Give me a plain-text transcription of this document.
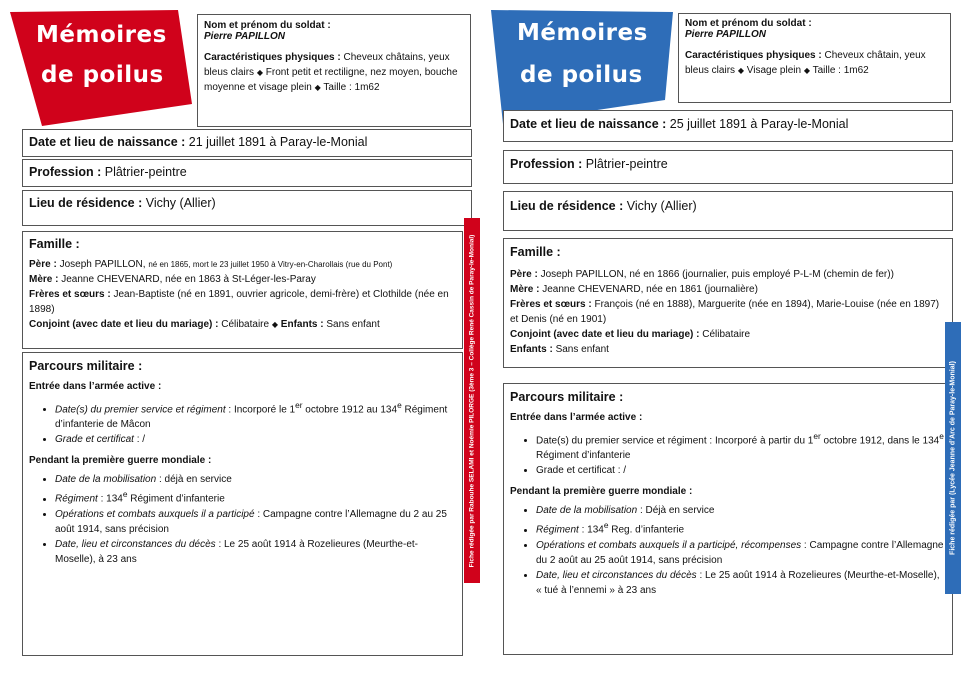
Mémoires
de poilus
Nom et prénom du soldat :
Pierre PAPILLON
Caractéristiques physiques : Cheveux châtains, yeux bleus clairs ◆ Front petit et rectiligne, nez moyen, bouche moyenne et visage plein ◆ Taille : 1m62
Date et lieu de naissance : 21 juillet 1891 à Paray-le-Monial
Profession : Plâtrier-peintre
Lieu de résidence : Vichy (Allier)
Famille :
Père : Joseph PAPILLON, né en 1865, mort le 23 juillet 1950 à Vitry-en-Charollais (rue du Pont)
Mère : Jeanne CHEVENARD, née en 1863 à St-Léger-les-Paray
Frères et sœurs : Jean-Baptiste (né en 1891, ouvrier agricole, demi-frère) et Clothilde (née en 1898)
Conjoint (avec date et lieu du mariage) : Célibataire ◆ Enfants : Sans enfant
Parcours militaire :
Entrée dans l’armée active :
• Date(s) du premier service et régiment : Incorporé le 1er octobre 1912 au 134e Régiment d’infanterie de Mâcon
• Grade et certificat : /
Pendant la première guerre mondiale :
• Date de la mobilisation : déjà en service
• Régiment : 134e Régiment d’infanterie
• Opérations et combats auxquels il a participé : Campagne contre l’Allemagne du 2 au 25 août 1914, sans précision
• Date, lieu et circonstances du décès : Le 25 août 1914 à Rozelieures (Meurthe-et-Moselle), à 23 ans	Fiche rédigée par Rabouhe SELAMI et Noémie PILORGE (3ème 3 – Collège René Cassin de Paray-le-Monial)
Mémoires
de poilus
Nom et prénom du soldat :
Pierre PAPILLON
Caractéristiques physiques : Cheveux châtain, yeux bleus clairs ◆ Visage plein ◆ Taille : 1m62
Date et lieu de naissance : 25 juillet 1891 à Paray-le-Monial
Profession : Plâtrier-peintre
Lieu de résidence : Vichy (Allier)
Famille :
Père : Joseph PAPILLON, né en 1866 (journalier, puis employé P-L-M (chemin de fer))
Mère : Jeanne CHEVENARD, née en 1861 (journalière)
Frères et sœurs : François (né en 1888), Marguerite (née en 1894), Marie-Louise (née en 1897) et Denis (né en 1901)
Conjoint (avec date et lieu du mariage) : Célibataire
Enfants : Sans enfant
Parcours militaire :
Entrée dans l’armée active :
• Date(s) du premier service et régiment : Incorporé à partir du 1er octobre 1912, dans le 134e Régiment d’infanterie
• Grade et certificat : /
Pendant la première guerre mondiale :
• Date de la mobilisation : Déjà en service
• Régiment : 134e Reg. d’infanterie
• Opérations et combats auxquels il a participé, récompenses : Campagne contre l’Allemagne du 2 août au 25 août 1914, sans précision
• Date, lieu et circonstances du décès : Le 25 août 1914 à Rozelieures (Meurthe-et-Moselle), « tué à l’ennemi » à 23 ans
Fiche rédigée par (Lycée Jeanne d’Arc de Paray-le-Monial)
